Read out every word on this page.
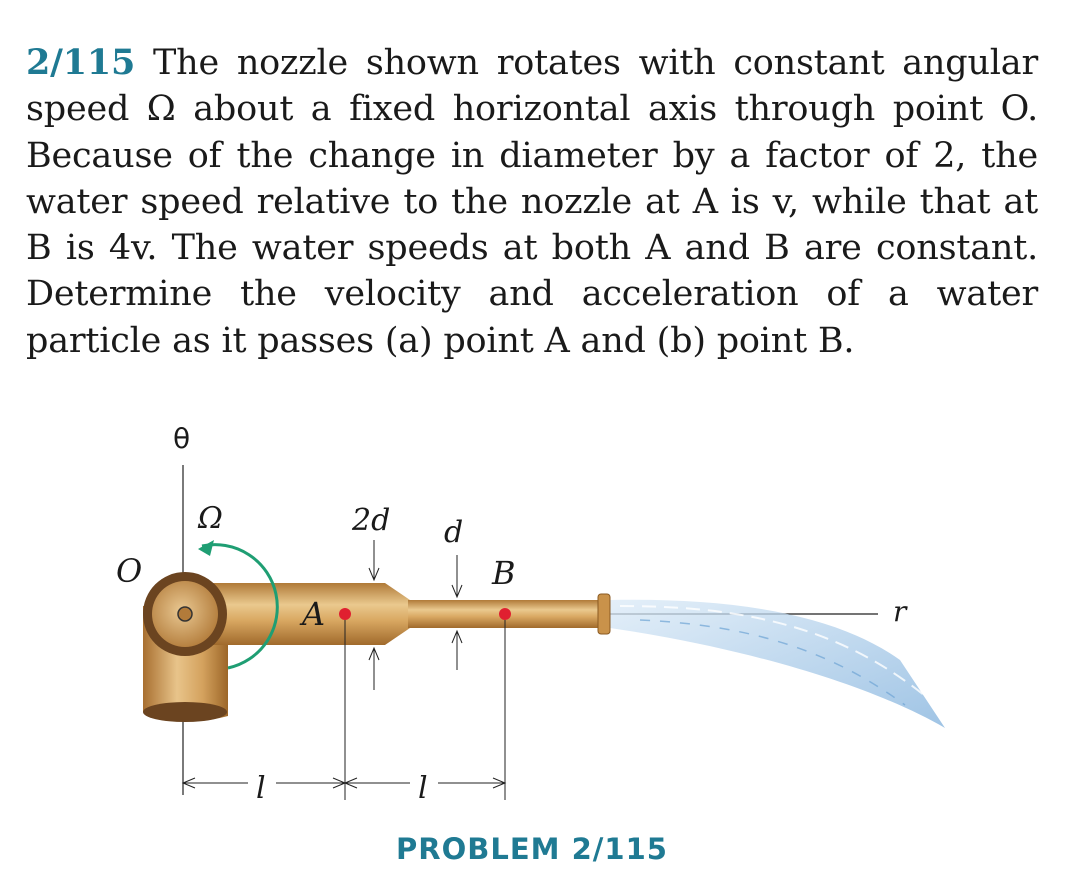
2/115 The nozzle shown rotates with constant angular speed Ω about a fixed horizontal axis through point O. Because of the change in diameter by a factor of 2, the water speed relative to the nozzle at A is v, while that at B is 4v. The water speeds at both A and B are constant. Determine the velocity and acceleration of a water particle as it passes (a) point A and (b) point B.
θ
Ω
O
A
B
2d d
r
l	l
PROBLEM 2/115
